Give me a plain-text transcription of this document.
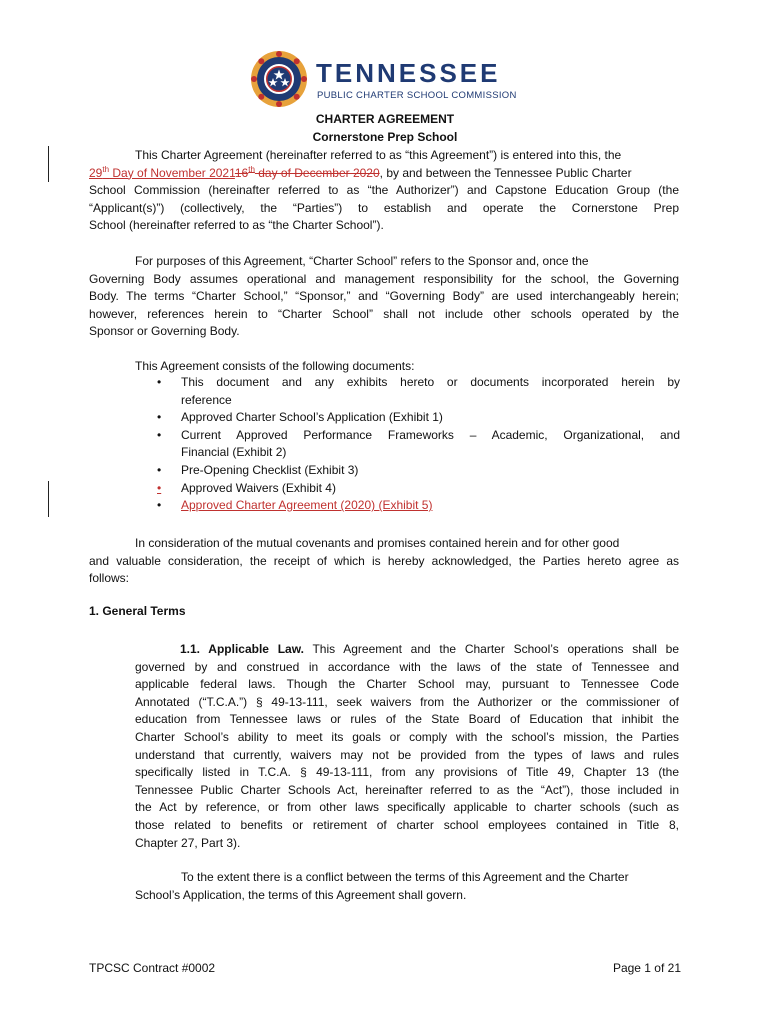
TENNESSEE
PUBLIC CHARTER SCHOOL COMMISSION
CHARTER AGREEMENT
Cornerstone Prep School
This Charter Agreement (hereinafter referred to as “this Agreement”) is entered into this, the
29th Day of November 202116th day of December 2020, by and between the Tennessee Public Charter
School Commission (hereinafter referred to as “the Authorizer”) and Capstone Education Group (the
“Applicant(s)”) (collectively, the “Parties”) to establish and operate the Cornerstone Prep
School (hereinafter referred to as “the Charter School”).
For purposes of this Agreement, “Charter School” refers to the Sponsor and, once the
Governing Body assumes operational and management responsibility for the school, the Governing
Body. The terms “Charter School,” “Sponsor,” and “Governing Body” are used interchangeably herein;
however, references herein to “Charter School” shall not include other schools operated by the
Sponsor or Governing Body.
This Agreement consists of the following documents:
•	This document and any exhibits hereto or documents incorporated herein by
reference
•	Approved Charter School’s Application (Exhibit 1)
•	Current Approved Performance Frameworks – Academic, Organizational, and
Financial (Exhibit 2)
•	Pre-Opening Checklist (Exhibit 3)
•	Approved Waivers (Exhibit 4)
•	Approved Charter Agreement (2020) (Exhibit 5)
In consideration of the mutual covenants and promises contained herein and for other good
and valuable consideration, the receipt of which is hereby acknowledged, the Parties hereto agree as
follows:
1. General Terms
1.1. Applicable Law. This Agreement and the Charter School’s operations shall be
governed by and construed in accordance with the laws of the state of Tennessee and
applicable federal laws. Though the Charter School may, pursuant to Tennessee Code
Annotated (“T.C.A.”) § 49-13-111, seek waivers from the Authorizer or the commissioner of
education from Tennessee laws or rules of the State Board of Education that inhibit the
Charter School’s ability to meet its goals or comply with the school’s mission, the Parties
understand that currently, waivers may not be provided from the types of laws and rules
specifically listed in T.C.A. § 49-13-111, from any provisions of Title 49, Chapter 13 (the
Tennessee Public Charter Schools Act, hereinafter referred to as the “Act”), those included in
the Act by reference, or from other laws specifically applicable to charter schools (such as
those related to benefits or retirement of charter school employees contained in Title 8,
Chapter 27, Part 3).
To the extent there is a conflict between the terms of this Agreement and the Charter
School’s Application, the terms of this Agreement shall govern.
TPCSC Contract #0002	Page 1 of 21
